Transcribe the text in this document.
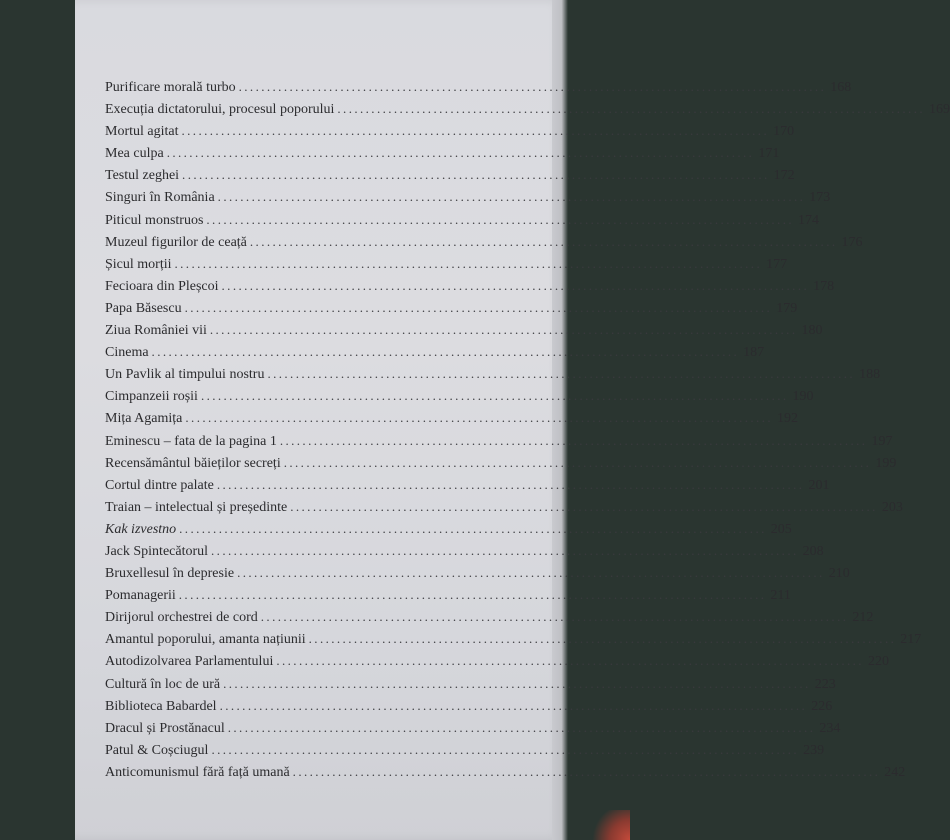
Purificare morală turbo ........................................................................................................ 168
Execuția dictatorului, procesul poporului ........................................................................................................ 169
Mortul agitat ........................................................................................................ 170
Mea culpa ........................................................................................................ 171
Testul zeghei ........................................................................................................ 172
Singuri în România ........................................................................................................ 173
Piticul monstruos ........................................................................................................ 174
Muzeul figurilor de ceață ........................................................................................................ 176
Șicul morții ........................................................................................................ 177
Fecioara din Pleșcoi ........................................................................................................ 178
Papa Băsescu ........................................................................................................ 179
Ziua României vii ........................................................................................................ 180
Cinema ........................................................................................................ 187
Un Pavlik al timpului nostru ........................................................................................................ 188
Cimpanzeii roșii ........................................................................................................ 190
Mița Agamița ........................................................................................................ 192
Eminescu – fata de la pagina 1 ........................................................................................................ 197
Recensământul băieților secreți ........................................................................................................ 199
Cortul dintre palate ........................................................................................................ 201
Traian – intelectual și președinte ........................................................................................................ 203
Kak izvestno ........................................................................................................ 205
Jack Spintecătorul ........................................................................................................ 208
Bruxellesul în depresie ........................................................................................................ 210
Pomanagerii ........................................................................................................ 211
Dirijorul orchestrei de cord ........................................................................................................ 212
Amantul poporului, amanta națiunii ........................................................................................................ 217
Autodizolvarea Parlamentului ........................................................................................................ 220
Cultură în loc de ură ........................................................................................................ 223
Biblioteca Babardel ........................................................................................................ 226
Dracul și Prostănacul ........................................................................................................ 234
Patul & Coșciugul ........................................................................................................ 239
Anticomunismul fără față umană ........................................................................................................ 242
